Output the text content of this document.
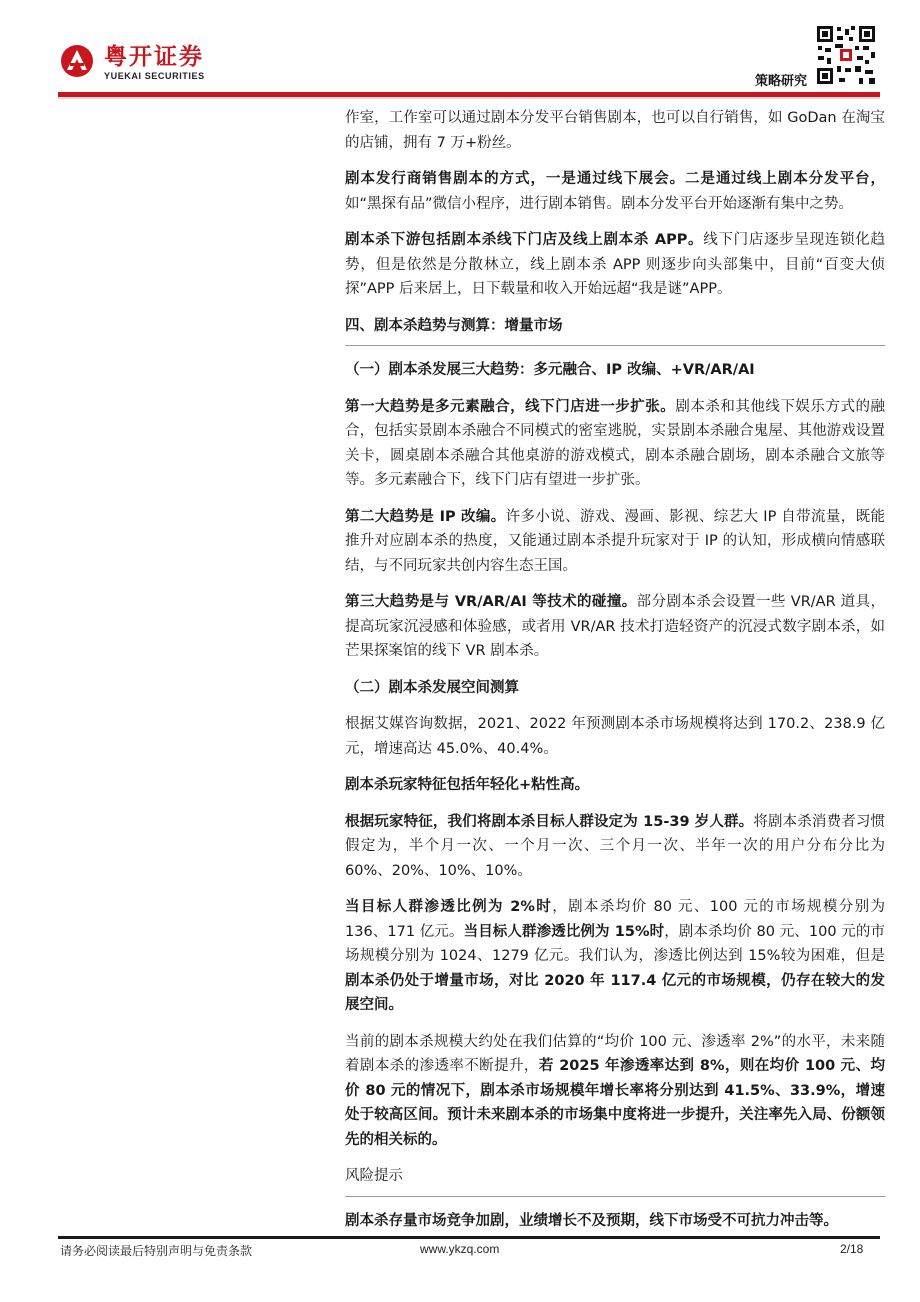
粤开证券
YUEKAI SECURITIES	策略研究

作室，工作室可以通过剧本分发平台销售剧本，也可以自行销售，如 GoDan 在淘宝的店铺，拥有 7 万+粉丝。

剧本发行商销售剧本的方式，一是通过线下展会。二是通过线上剧本分发平台，如“黑探有品”微信小程序，进行剧本销售。剧本分发平台开始逐渐有集中之势。

剧本杀下游包括剧本杀线下门店及线上剧本杀 APP。线下门店逐步呈现连锁化趋势，但是依然是分散林立，线上剧本杀 APP 则逐步向头部集中，目前“百变大侦探”APP 后来居上，日下载量和收入开始远超“我是谜”APP。

四、剧本杀趋势与测算：增量市场

（一）剧本杀发展三大趋势：多元融合、IP 改编、+VR/AR/AI

第一大趋势是多元素融合，线下门店进一步扩张。剧本杀和其他线下娱乐方式的融合，包括实景剧本杀融合不同模式的密室逃脱，实景剧本杀融合鬼屋、其他游戏设置关卡，圆桌剧本杀融合其他桌游的游戏模式，剧本杀融合剧场，剧本杀融合文旅等等。多元素融合下，线下门店有望进一步扩张。

第二大趋势是 IP 改编。许多小说、游戏、漫画、影视、综艺大 IP 自带流量，既能推升对应剧本杀的热度，又能通过剧本杀提升玩家对于 IP 的认知，形成横向情感联结，与不同玩家共创内容生态王国。

第三大趋势是与 VR/AR/AI 等技术的碰撞。部分剧本杀会设置一些 VR/AR 道具，提高玩家沉浸感和体验感，或者用 VR/AR 技术打造轻资产的沉浸式数字剧本杀，如芒果探案馆的线下 VR 剧本杀。

（二）剧本杀发展空间测算

根据艾媒咨询数据，2021、2022 年预测剧本杀市场规模将达到 170.2、238.9 亿元，增速高达 45.0%、40.4%。

剧本杀玩家特征包括年轻化+粘性高。

根据玩家特征，我们将剧本杀目标人群设定为 15-39 岁人群。将剧本杀消费者习惯假定为，半个月一次、一个月一次、三个月一次、半年一次的用户分布分比为 60%、20%、10%、10%。

当目标人群渗透比例为 2%时，剧本杀均价 80 元、100 元的市场规模分别为 136、171 亿元。当目标人群渗透比例为 15%时，剧本杀均价 80 元、100 元的市场规模分别为 1024、1279 亿元。我们认为，渗透比例达到 15%较为困难，但是剧本杀仍处于增量市场，对比 2020 年 117.4 亿元的市场规模，仍存在较大的发展空间。

当前的剧本杀规模大约处在我们估算的“均价 100 元、渗透率 2%”的水平，未来随着剧本杀的渗透率不断提升，若 2025 年渗透率达到 8%，则在均价 100 元、均价 80 元的情况下，剧本杀市场规模年增长率将分别达到 41.5%、33.9%，增速处于较高区间。预计未来剧本杀的市场集中度将进一步提升，关注率先入局、份额领先的相关标的。

风险提示

剧本杀存量市场竞争加剧，业绩增长不及预期，线下市场受不可抗力冲击等。

请务必阅读最后特别声明与免责条款	www.ykzq.com	2/18
